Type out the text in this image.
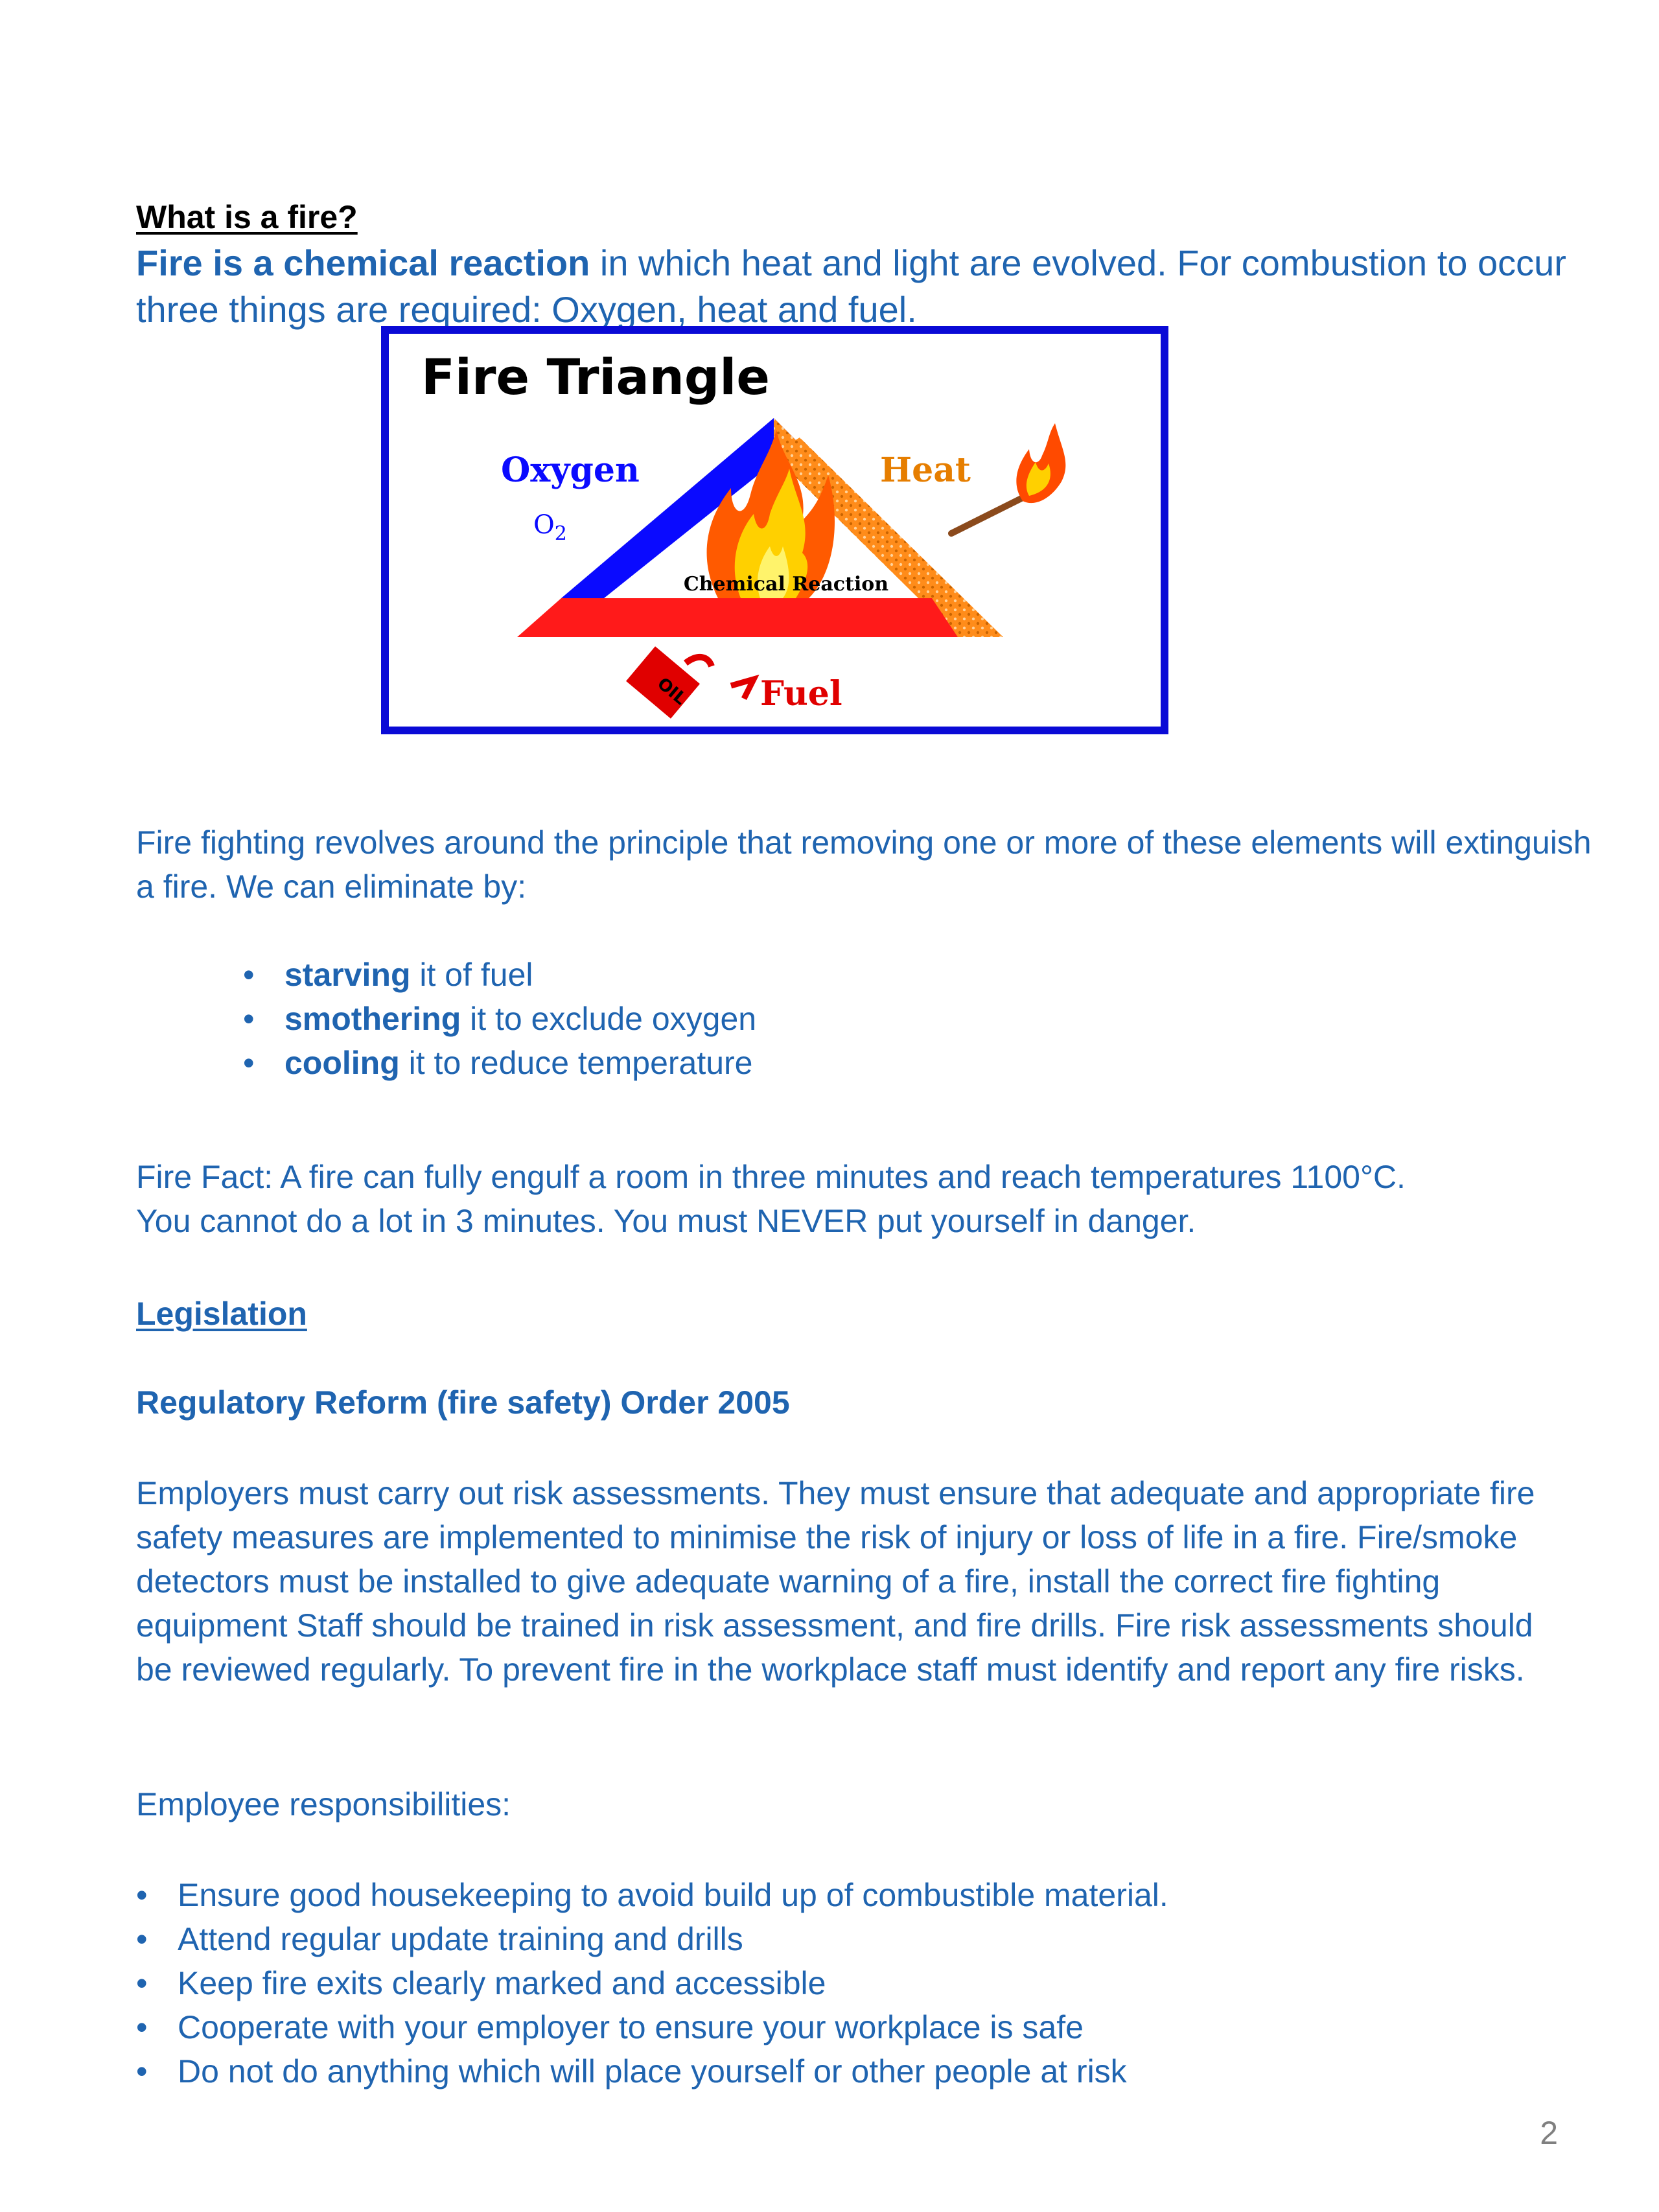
What is a fire?

Fire is a chemical reaction in which heat and light are evolved. For combustion to occur three things are required: Oxygen, heat and fuel.

Fire Triangle
Chemical Reaction
Oxygen
$O_2$
Heat
OIL Fuel

Fire fighting revolves around the principle that removing one or more of these elements will extinguish a fire. We can eliminate by:

• starving it of fuel
• smothering it to exclude oxygen
• cooling it to reduce temperature

Fire Fact: A fire can fully engulf a room in three minutes and reach temperatures 1100°C.

You cannot do a lot in 3 minutes. You must NEVER put yourself in danger.

Legislation

Regulatory Reform (fire safety) Order 2005

Employers must carry out risk assessments. They must ensure that adequate and appropriate fire safety measures are implemented to minimise the risk of injury or loss of life in a fire. Fire/smoke detectors must be installed to give adequate warning of a fire, install the correct fire fighting equipment Staff should be trained in risk assessment, and fire drills. Fire risk assessments should be reviewed regularly. To prevent fire in the workplace staff must identify and report any fire risks.

Employee responsibilities:

• Ensure good housekeeping to avoid build up of combustible material.
• Attend regular update training and drills
• Keep fire exits clearly marked and accessible
• Cooperate with your employer to ensure your workplace is safe
• Do not do anything which will place yourself or other people at risk
2
